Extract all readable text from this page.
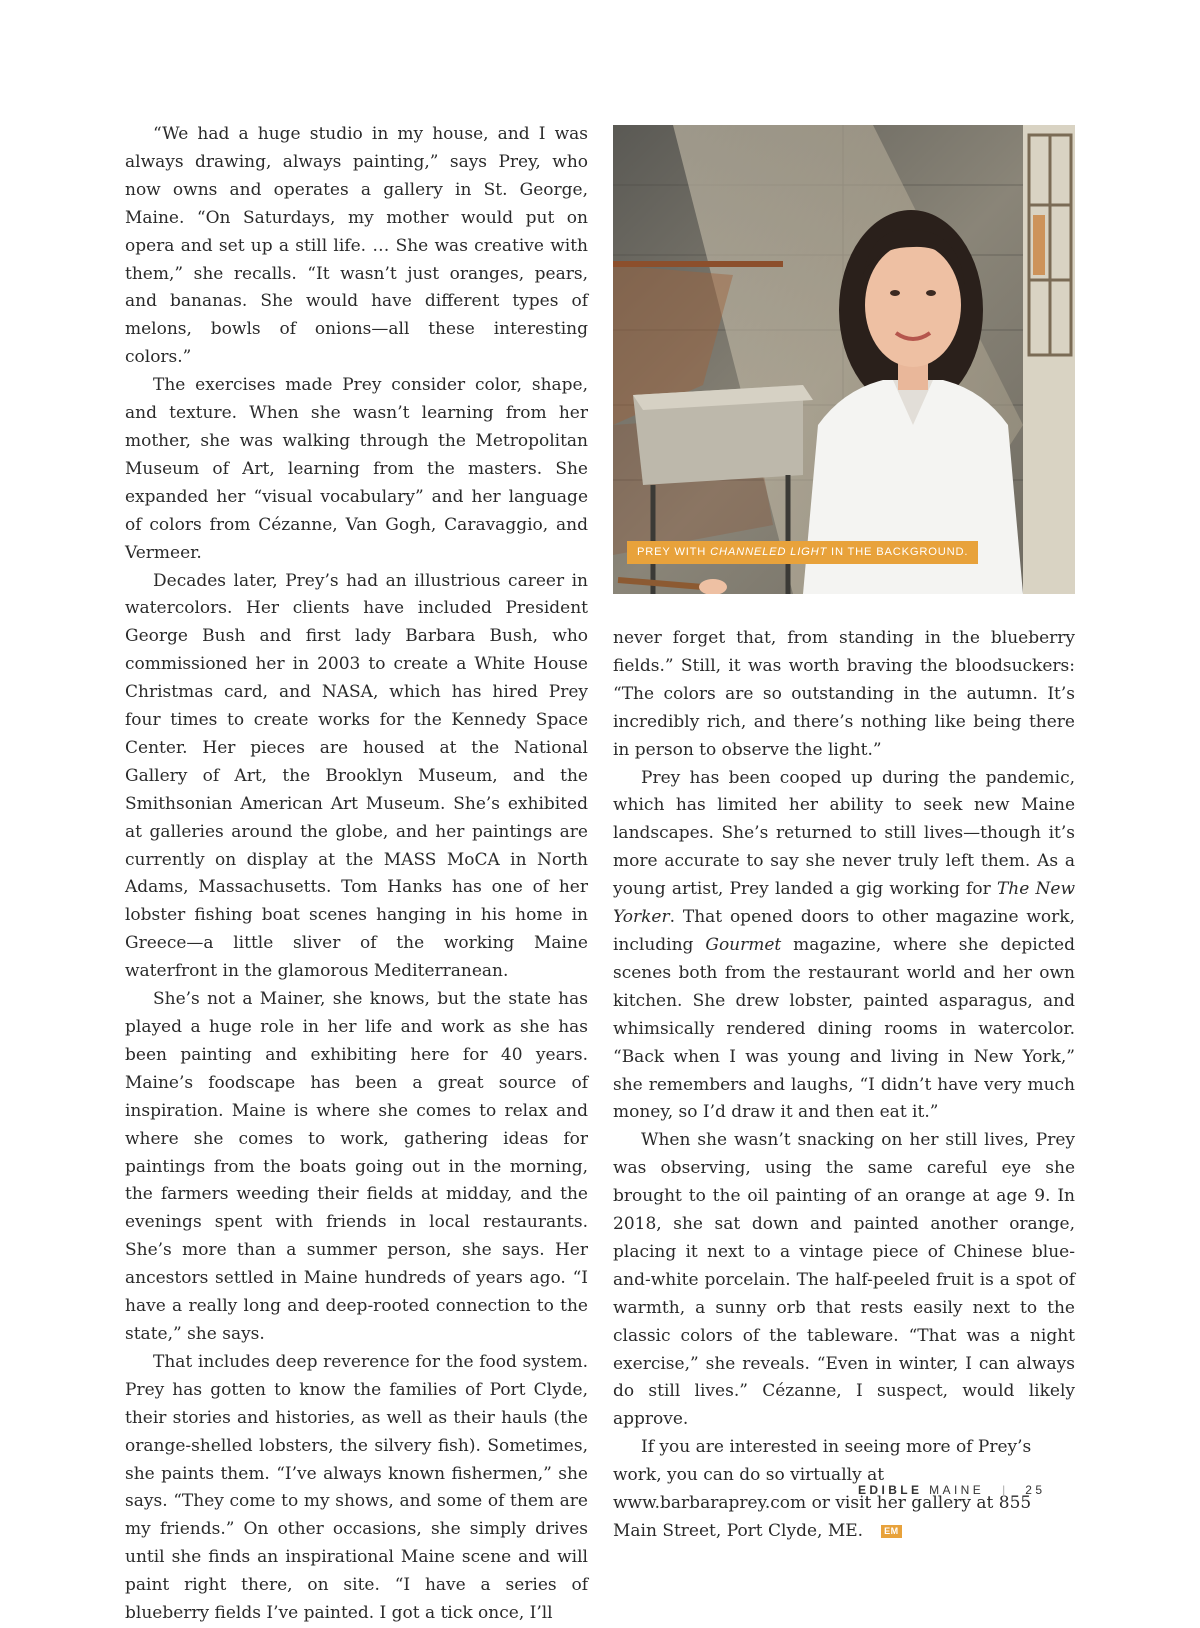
“We had a huge studio in my house, and I was always drawing, always painting,” says Prey, who now owns and operates a gallery in St. George, Maine. “On Saturdays, my mother would put on opera and set up a still life. … She was creative with them,” she recalls. “It wasn’t just oranges, pears, and bananas. She would have different types of melons, bowls of onions—all these interesting colors.”

The exercises made Prey consider color, shape, and texture. When she wasn’t learning from her mother, she was walking through the Metropolitan Museum of Art, learning from the masters. She expanded her “visual vocabulary” and her language of colors from Cézanne, Van Gogh, Caravaggio, and Vermeer.

Decades later, Prey’s had an illustrious career in watercolors. Her clients have included President George Bush and first lady Barbara Bush, who commissioned her in 2003 to create a White House Christmas card, and NASA, which has hired Prey four times to create works for the Kennedy Space Center. Her pieces are housed at the National Gallery of Art, the Brooklyn Museum, and the Smithsonian American Art Museum. She’s exhibited at galleries around the globe, and her paintings are currently on display at the MASS MoCA in North Adams, Massachusetts. Tom Hanks has one of her lobster fishing boat scenes hanging in his home in Greece—a little sliver of the working Maine waterfront in the glamorous Mediterranean.

She’s not a Mainer, she knows, but the state has played a huge role in her life and work as she has been painting and exhibiting here for 40 years. Maine’s foodscape has been a great source of inspiration. Maine is where she comes to relax and where she comes to work, gathering ideas for paintings from the boats going out in the morning, the farmers weeding their fields at midday, and the evenings spent with friends in local restaurants. She’s more than a summer person, she says. Her ancestors settled in Maine hundreds of years ago. “I have a really long and deep-rooted connection to the state,” she says.

That includes deep reverence for the food system. Prey has gotten to know the families of Port Clyde, their stories and histories, as well as their hauls (the orange-shelled lobsters, the silvery fish). Sometimes, she paints them. “I’ve always known fishermen,” she says. “They come to my shows, and some of them are my friends.” On other occasions, she simply drives until she finds an inspirational Maine scene and will paint right there, on site. “I have a series of blueberry fields I’ve painted. I got a tick once, I’ll

PREY WITH CHANNELED LIGHT IN THE BACKGROUND.

never forget that, from standing in the blueberry fields.” Still, it was worth braving the bloodsuckers: “The colors are so outstanding in the autumn. It’s incredibly rich, and there’s nothing like being there in person to observe the light.”

Prey has been cooped up during the pandemic, which has limited her ability to seek new Maine landscapes. She’s returned to still lives—though it’s more accurate to say she never truly left them. As a young artist, Prey landed a gig working for The New Yorker. That opened doors to other magazine work, including Gourmet magazine, where she depicted scenes both from the restaurant world and her own kitchen. She drew lobster, painted asparagus, and whimsically rendered dining rooms in watercolor. “Back when I was young and living in New York,” she remembers and laughs, “I didn’t have very much money, so I’d draw it and then eat it.”

When she wasn’t snacking on her still lives, Prey was observing, using the same careful eye she brought to the oil painting of an orange at age 9. In 2018, she sat down and painted another orange, placing it next to a vintage piece of Chinese blue-and-white porcelain. The half-peeled fruit is a spot of warmth, a sunny orb that rests easily next to the classic colors of the tableware. “That was a night exercise,” she reveals. “Even in winter, I can always do still lives.” Cézanne, I suspect, would likely approve.

If you are interested in seeing more of Prey’s work, you can do so virtually at www.barbaraprey.com or visit her gallery at 855 Main Street, Port Clyde, ME. EM

EDIBLE MAINE | 25
